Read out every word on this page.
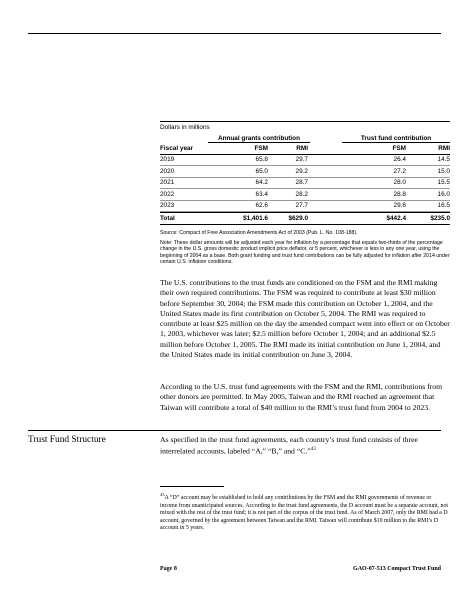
Dollars in millions
Annual grants contribution	Trust fund contribution
Fiscal year	FSM	RMI	FSM	RMI
2019	65.8	29.7	26.4	14.5
2020	65.0	29.2	27.2	15.0
2021	64.2	28.7	28.0	15.5
2022	63.4	28.2	28.8	16.0
2023	62.6	27.7	29.6	16.5
Total	$1,401.6	$629.0	$442.4	$235.0
Source: Compact of Free Association Amendments Act of 2003 (Pub. L. No. 108-188).
Note: These dollar amounts will be adjusted each year for inflation by a percentage that equals two-thirds of the percentage change in the U.S. gross domestic product implicit price deflator, or 5 percent, whichever is less in any one year, using the beginning of 2004 as a base. Both grant funding and trust fund contributions can be fully adjusted for inflation after 2014 under certain U.S. inflation conditions.
The U.S. contributions to the trust funds are conditioned on the FSM and the RMI making their own required contributions. The FSM was required to contribute at least $30 million before September 30, 2004; the FSM made this contribution on October 1, 2004, and the United States made its first contribution on October 5, 2004. The RMI was required to contribute at least $25 million on the day the amended compact went into effect or on October 1, 2003, whichever was later; $2.5 million before October 1, 2004; and an additional $2.5 million before October 1, 2005. The RMI made its initial contribution on June 1, 2004, and the United States made its initial contribution on June 3, 2004.
According to the U.S. trust fund agreements with the FSM and the RMI, contributions from other donors are permitted. In May 2005, Taiwan and the RMI reached an agreement that Taiwan will contribute a total of $40 million to the RMI’s trust fund from 2004 to 2023.
Trust Fund Structure	As specified in the trust fund agreements, each country’s trust fund consists of three interrelated accounts, labeled “A,” “B,” and “C.”$^{43}$
$^{43}$A “D” account may be established to hold any contributions by the FSM and the RMI governments of revenue or income from unanticipated sources. According to the trust fund agreements, the D account must be a separate account, not mixed with the rest of the trust fund; it is not part of the corpus of the trust fund. As of March 2007, only the RMI had a D account, governed by the agreement between Taiwan and the RMI. Taiwan will contribute $10 million to the RMI’s D account in 5 years.
Page 8	GAO-07-513 Compact Trust Fund
